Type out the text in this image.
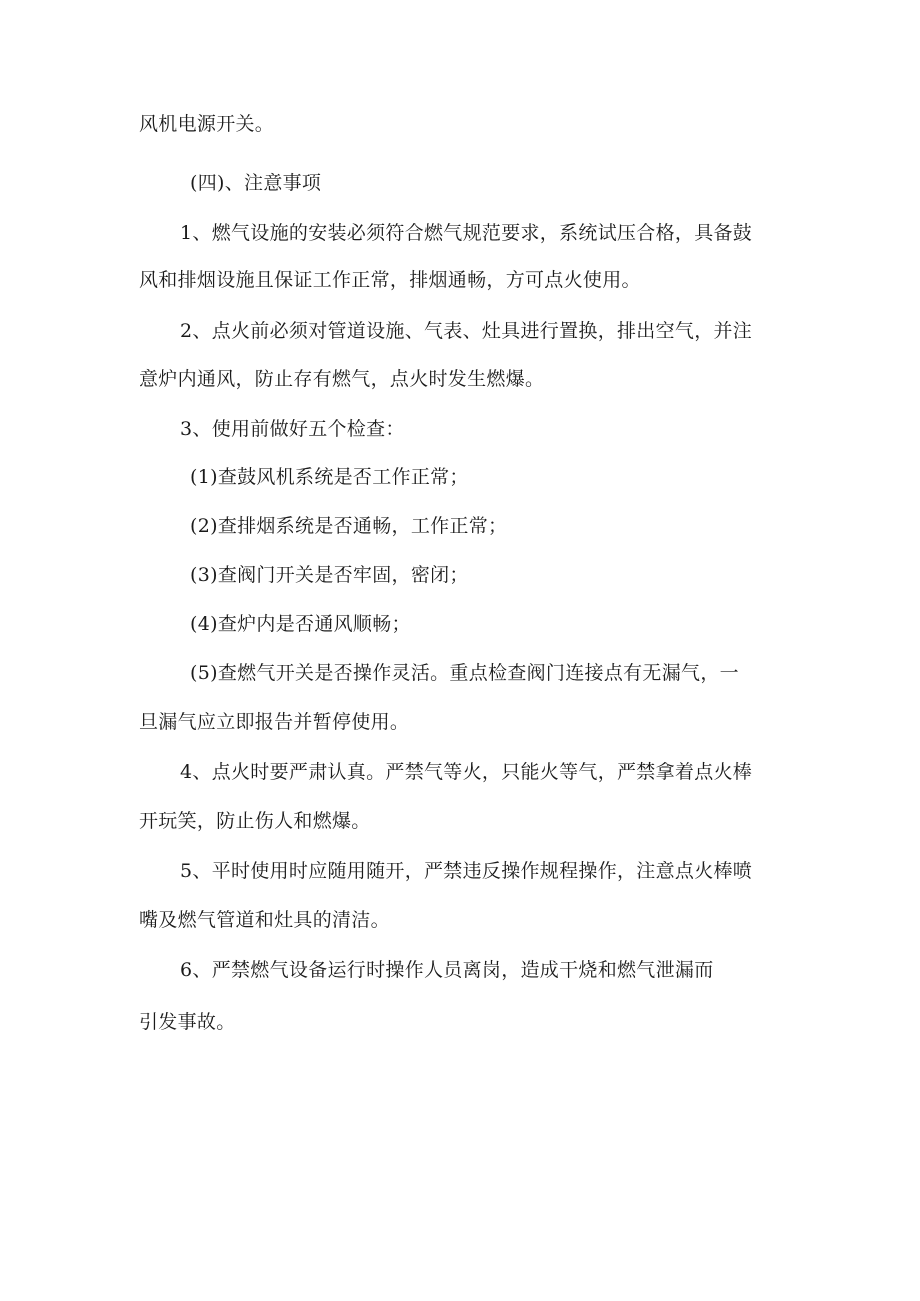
风机电源开关。

(四)、注意事项

1、燃气设施的安装必须符合燃气规范要求，系统试压合格，具备鼓

风和排烟设施且保证工作正常，排烟通畅，方可点火使用。

2、点火前必须对管道设施、气表、灶具进行置换，排出空气，并注

意炉内通风，防止存有燃气，点火时发生燃爆。

3、使用前做好五个检查：

(1)查鼓风机系统是否工作正常；

(2)查排烟系统是否通畅，工作正常；

(3)查阀门开关是否牢固，密闭；

(4)查炉内是否通风顺畅；

(5)查燃气开关是否操作灵活。重点检查阀门连接点有无漏气，一

旦漏气应立即报告并暂停使用。

4、点火时要严肃认真。严禁气等火，只能火等气，严禁拿着点火棒

开玩笑，防止伤人和燃爆。

5、平时使用时应随用随开，严禁违反操作规程操作，注意点火棒喷

嘴及燃气管道和灶具的清洁。

6、严禁燃气设备运行时操作人员离岗，造成干烧和燃气泄漏而

引发事故。
